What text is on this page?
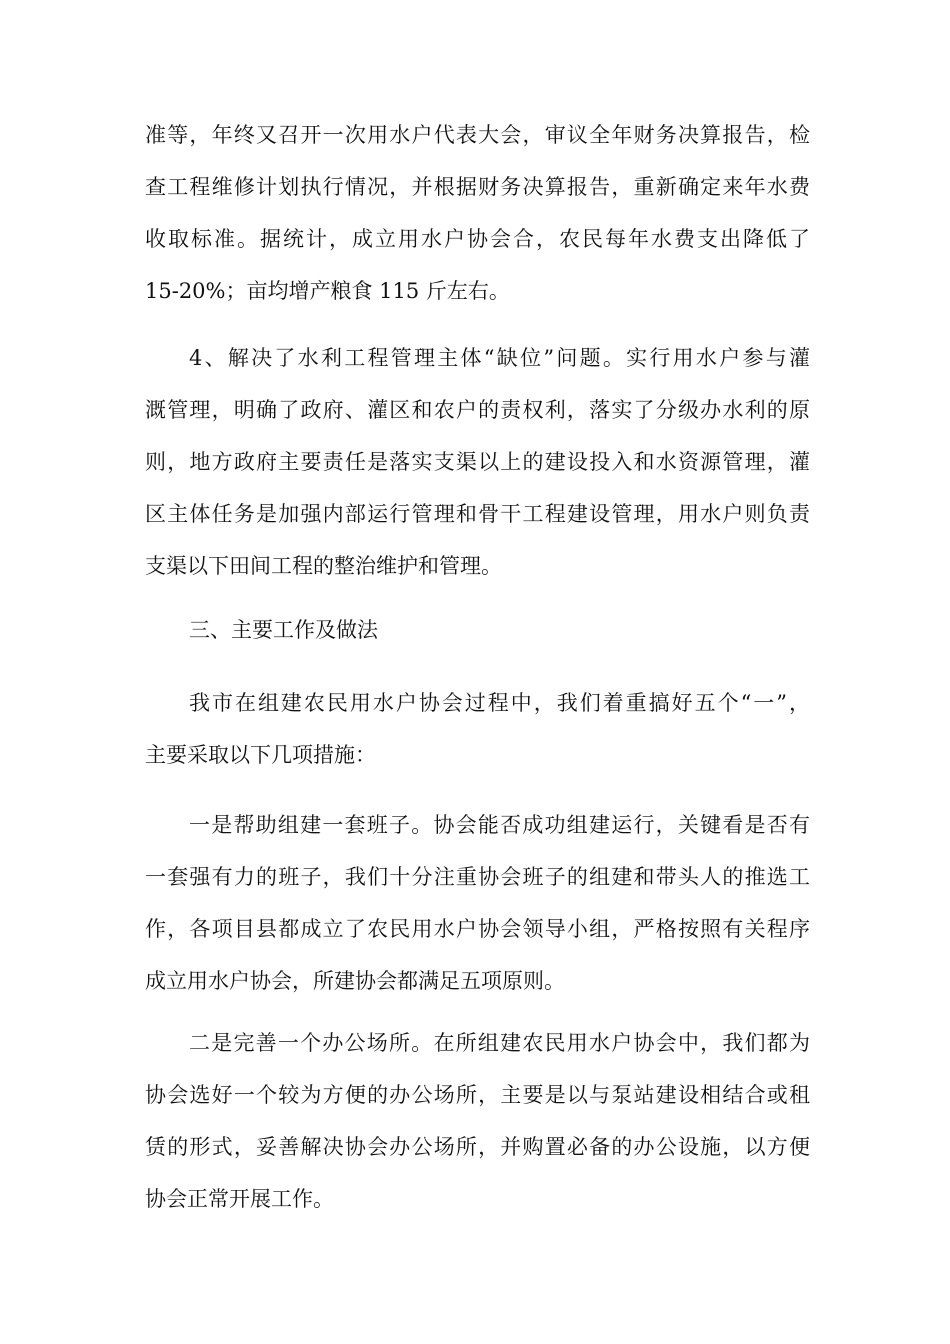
准等，年终又召开一次用水户代表大会，审议全年财务决算报告，检
查工程维修计划执行情况，并根据财务决算报告，重新确定来年水费
收取标准。据统计，成立用水户协会合，农民每年水费支出降低了
15-20%；亩均增产粮食 115 斤左右。
4、解决了水利工程管理主体“缺位”问题。实行用水户参与灌
溉管理，明确了政府、灌区和农户的责权利，落实了分级办水利的原
则，地方政府主要责任是落实支渠以上的建设投入和水资源管理，灌
区主体任务是加强内部运行管理和骨干工程建设管理，用水户则负责
支渠以下田间工程的整治维护和管理。
三、主要工作及做法
我市在组建农民用水户协会过程中，我们着重搞好五个“一”，
主要采取以下几项措施：
一是帮助组建一套班子。协会能否成功组建运行，关键看是否有
一套强有力的班子，我们十分注重协会班子的组建和带头人的推选工
作，各项目县都成立了农民用水户协会领导小组，严格按照有关程序
成立用水户协会，所建协会都满足五项原则。
二是完善一个办公场所。在所组建农民用水户协会中，我们都为
协会选好一个较为方便的办公场所，主要是以与泵站建设相结合或租
赁的形式，妥善解决协会办公场所，并购置必备的办公设施，以方便
协会正常开展工作。
